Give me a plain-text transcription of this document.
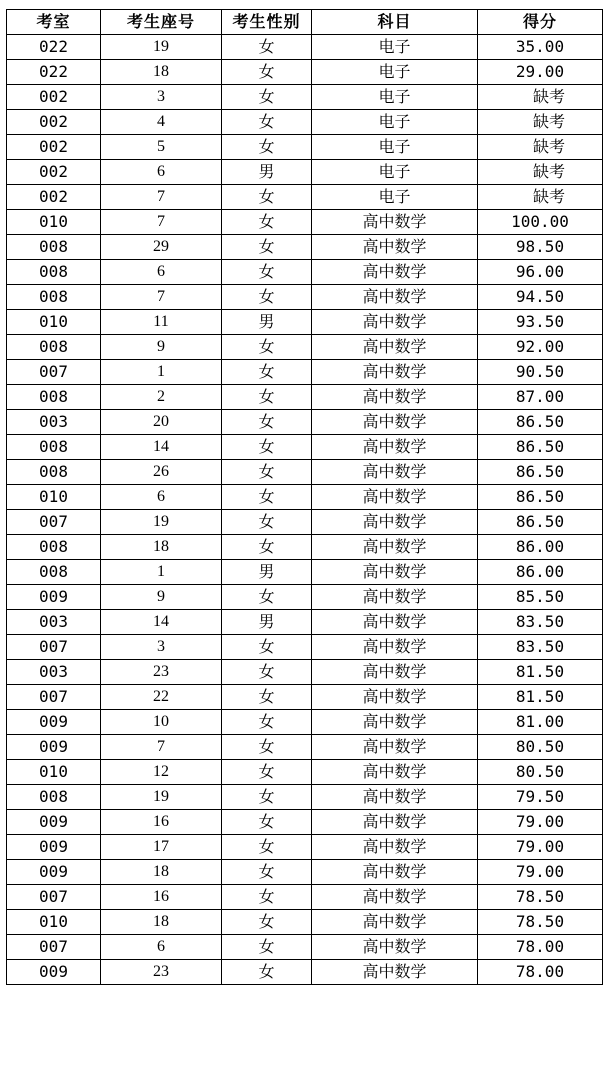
考室	考生座号	考生性别	科目	得分
022	19	女	电子	35.00
022	18	女	电子	29.00
002	3	女	电子	缺考
002	4	女	电子	缺考
002	5	女	电子	缺考
002	6	男	电子	缺考
002	7	女	电子	缺考
010	7	女	高中数学	100.00
008	29	女	高中数学	98.50
008	6	女	高中数学	96.00
008	7	女	高中数学	94.50
010	11	男	高中数学	93.50
008	9	女	高中数学	92.00
007	1	女	高中数学	90.50
008	2	女	高中数学	87.00
003	20	女	高中数学	86.50
008	14	女	高中数学	86.50
008	26	女	高中数学	86.50
010	6	女	高中数学	86.50
007	19	女	高中数学	86.50
008	18	女	高中数学	86.00
008	1	男	高中数学	86.00
009	9	女	高中数学	85.50
003	14	男	高中数学	83.50
007	3	女	高中数学	83.50
003	23	女	高中数学	81.50
007	22	女	高中数学	81.50
009	10	女	高中数学	81.00
009	7	女	高中数学	80.50
010	12	女	高中数学	80.50
008	19	女	高中数学	79.50
009	16	女	高中数学	79.00
009	17	女	高中数学	79.00
009	18	女	高中数学	79.00
007	16	女	高中数学	78.50
010	18	女	高中数学	78.50
007	6	女	高中数学	78.00
009	23	女	高中数学	78.00
